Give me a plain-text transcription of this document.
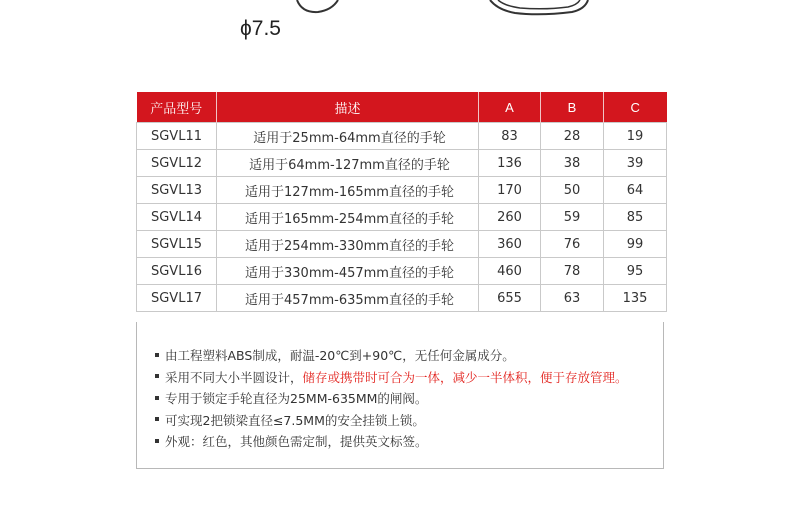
ϕ7.5
产品型号	描述	A	B	C
SGVL11	适用于25mm-64mm直径的手轮	83	28	19
SGVL12	适用于64mm-127mm直径的手轮	136	38	39
SGVL13	适用于127mm-165mm直径的手轮	170	50	64
SGVL14	适用于165mm-254mm直径的手轮	260	59	85
SGVL15	适用于254mm-330mm直径的手轮	360	76	99
SGVL16	适用于330mm-457mm直径的手轮	460	78	95
SGVL17	适用于457mm-635mm直径的手轮	655	63	135
由工程塑料ABS制成，耐温-20℃到+90℃，无任何金属成分。
采用不同大小半圆设计，储存或携带时可合为一体，减少一半体积，便于存放管理。
专用于锁定手轮直径为25MM-635MM的闸阀。
可实现2把锁梁直径≤7.5MM的安全挂锁上锁。
外观：红色，其他颜色需定制，提供英文标签。
